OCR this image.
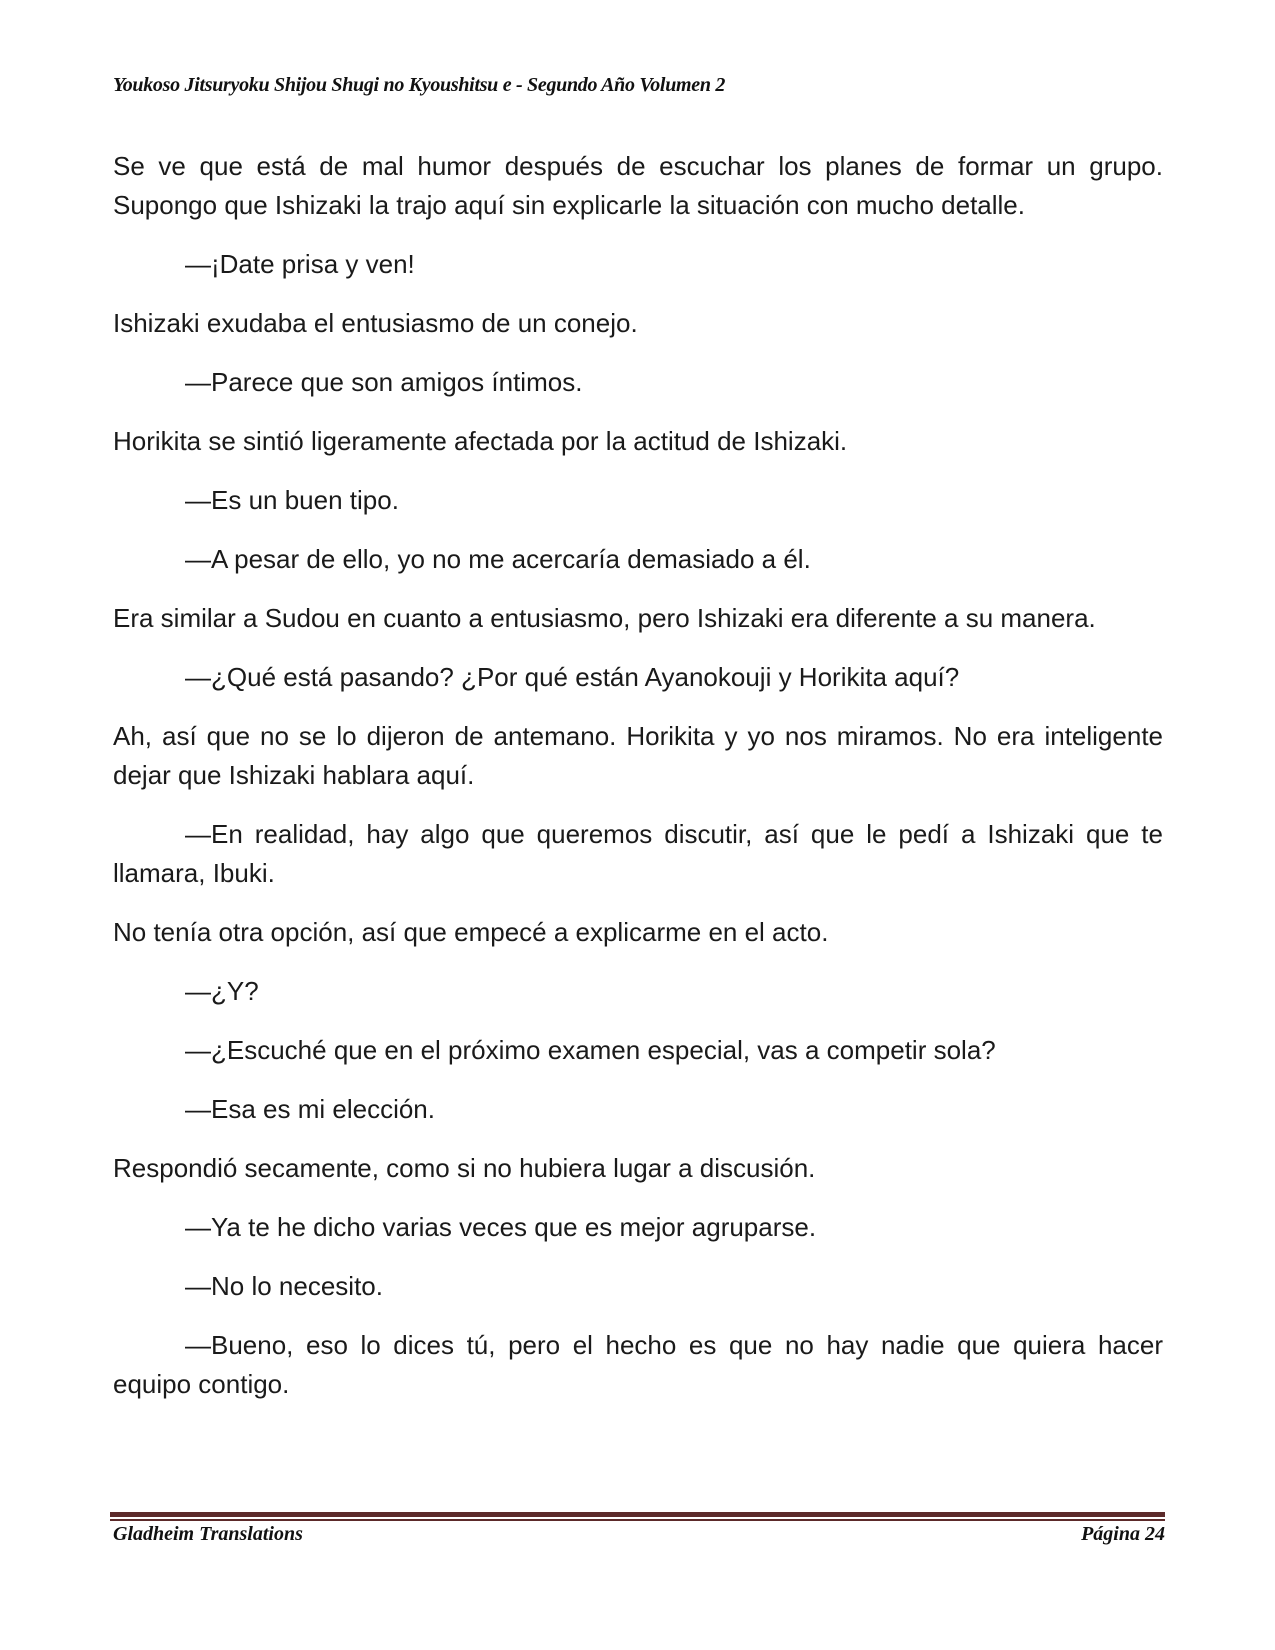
Youkoso Jitsuryoku Shijou Shugi no Kyoushitsu e - Segundo Año Volumen 2

Se ve que está de mal humor después de escuchar los planes de formar un grupo. Supongo que Ishizaki la trajo aquí sin explicarle la situación con mucho detalle.

—¡Date prisa y ven!

Ishizaki exudaba el entusiasmo de un conejo.

—Parece que son amigos íntimos.

Horikita se sintió ligeramente afectada por la actitud de Ishizaki.

—Es un buen tipo.

—A pesar de ello, yo no me acercaría demasiado a él.

Era similar a Sudou en cuanto a entusiasmo, pero Ishizaki era diferente a su manera.

—¿Qué está pasando? ¿Por qué están Ayanokouji y Horikita aquí?

Ah, así que no se lo dijeron de antemano. Horikita y yo nos miramos. No era inteligente dejar que Ishizaki hablara aquí.

—En realidad, hay algo que queremos discutir, así que le pedí a Ishizaki que te llamara, Ibuki.

No tenía otra opción, así que empecé a explicarme en el acto.

—¿Y?

—¿Escuché que en el próximo examen especial, vas a competir sola?

—Esa es mi elección.

Respondió secamente, como si no hubiera lugar a discusión.

—Ya te he dicho varias veces que es mejor agruparse.

—No lo necesito.

—Bueno, eso lo dices tú, pero el hecho es que no hay nadie que quiera hacer equipo contigo.

Gladheim Translations	Página 24
